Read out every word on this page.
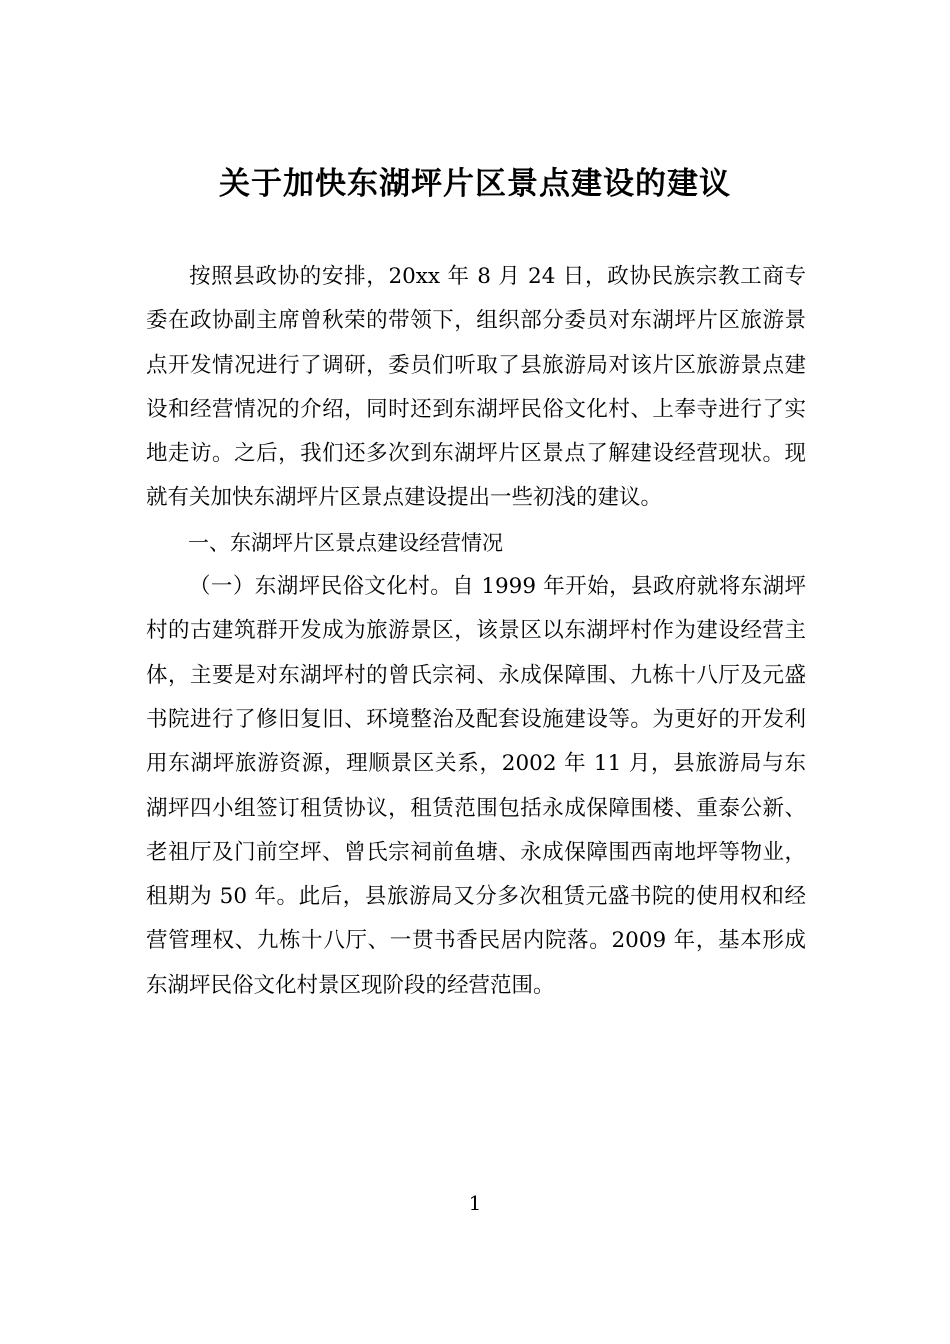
关于加快东湖坪片区景点建设的建议

按照县政协的安排，20xx 年 8 月 24 日，政协民族宗教工商专委在政协副主席曾秋荣的带领下，组织部分委员对东湖坪片区旅游景点开发情况进行了调研，委员们听取了县旅游局对该片区旅游景点建设和经营情况的介绍，同时还到东湖坪民俗文化村、上奉寺进行了实地走访。之后，我们还多次到东湖坪片区景点了解建设经营现状。现就有关加快东湖坪片区景点建设提出一些初浅的建议。

一、东湖坪片区景点建设经营情况

（一）东湖坪民俗文化村。自 1999 年开始，县政府就将东湖坪村的古建筑群开发成为旅游景区，该景区以东湖坪村作为建设经营主体，主要是对东湖坪村的曾氏宗祠、永成保障围、九栋十八厅及元盛书院进行了修旧复旧、环境整治及配套设施建设等。为更好的开发利用东湖坪旅游资源，理顺景区关系，2002 年 11 月，县旅游局与东湖坪四小组签订租赁协议，租赁范围包括永成保障围楼、重泰公新、老祖厅及门前空坪、曾氏宗祠前鱼塘、永成保障围西南地坪等物业，租期为 50 年。此后，县旅游局又分多次租赁元盛书院的使用权和经营管理权、九栋十八厅、一贯书香民居内院落。2009 年，基本形成东湖坪民俗文化村景区现阶段的经营范围。

1
